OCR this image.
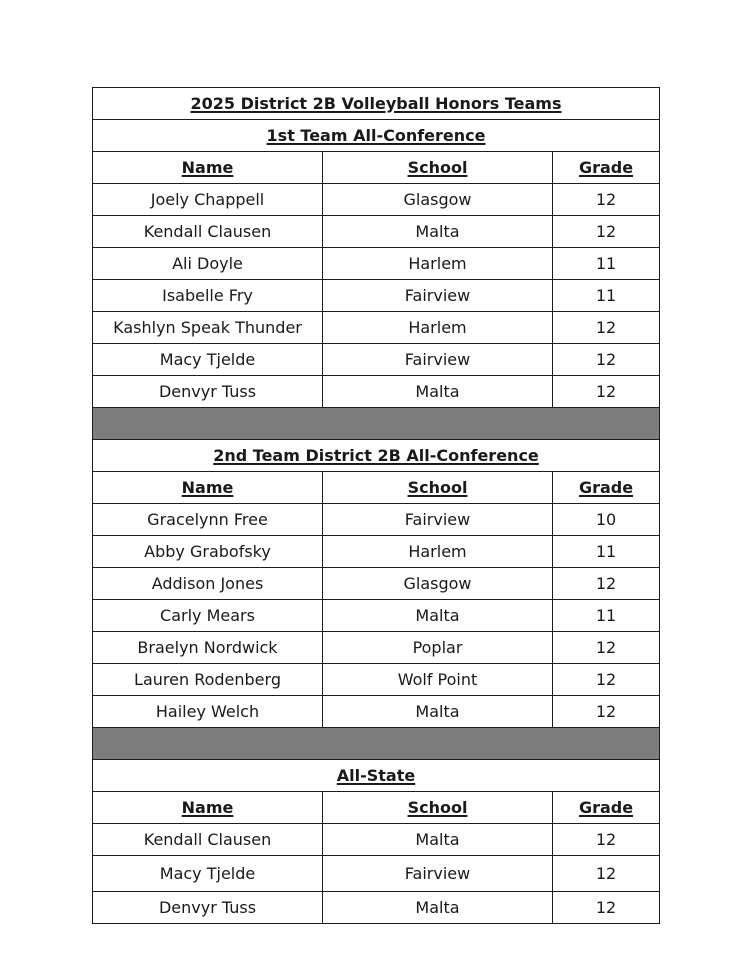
2025 District 2B Volleyball Honors Teams		
1st Team All-Conference		
Name	School	Grade
Joely Chappell	Glasgow	12
Kendall Clausen	Malta	12
Ali Doyle	Harlem	11
Isabelle Fry	Fairview	11
Kashlyn Speak Thunder	Harlem	12
Macy Tjelde	Fairview	12
Denvyr Tuss	Malta	12

2nd Team District 2B All-Conference		
Name	School	Grade
Gracelynn Free	Fairview	10
Abby Grabofsky	Harlem	11
Addison Jones	Glasgow	12
Carly Mears	Malta	11
Braelyn Nordwick	Poplar	12
Lauren Rodenberg	Wolf Point	12
Hailey Welch	Malta	12

All-State		
Name	School	Grade
Kendall Clausen	Malta	12
Macy Tjelde	Fairview	12
Denvyr Tuss	Malta	12
